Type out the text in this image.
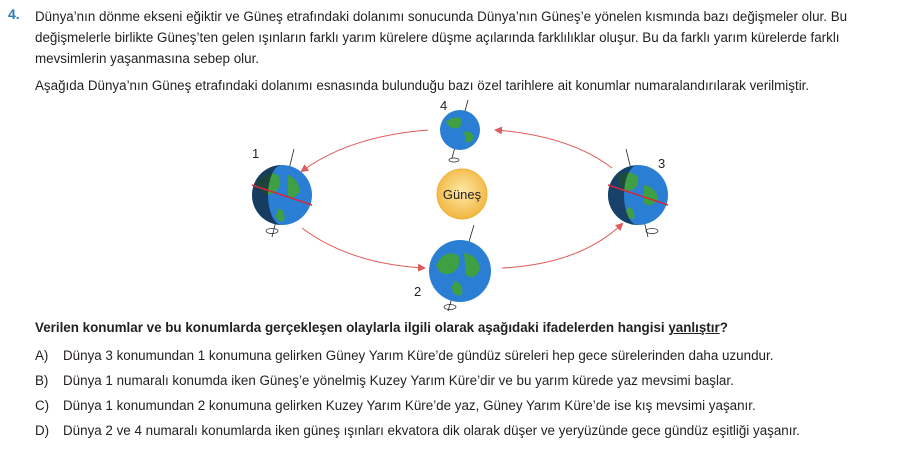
4. Dünya’nın dönme ekseni eğiktir ve Güneş etrafındaki dolanımı sonucunda Dünya’nın Güneş’e yönelen kısmında bazı değişmeler olur. Bu değişmelerle birlikte Güneş’ten gelen ışınların farklı yarım kürelere düşme açılarında farklılıklar oluşur. Bu da farklı yarım kürelerde farklı mevsimlerin yaşanmasına sebep olur.
Aşağıda Dünya’nın Güneş etrafındaki dolanımı esnasında bulunduğu bazı özel tarihlere ait konumlar numaralandırılarak verilmiştir.
Güneş
4
1
3
2
Verilen konumlar ve bu konumlarda gerçekleşen olaylarla ilgili olarak aşağıdaki ifadelerden hangisi yanlıştır?
A) Dünya 3 konumundan 1 konumuna gelirken Güney Yarım Küre’de gündüz süreleri hep gece sürelerinden daha uzundur.
B) Dünya 1 numaralı konumda iken Güneş’e yönelmiş Kuzey Yarım Küre’dir ve bu yarım kürede yaz mevsimi başlar.
C) Dünya 1 konumundan 2 konumuna gelirken Kuzey Yarım Küre’de yaz, Güney Yarım Küre’de ise kış mevsimi yaşanır.
D) Dünya 2 ve 4 numaralı konumlarda iken güneş ışınları ekvatora dik olarak düşer ve yeryüzünde gece gündüz eşitliği yaşanır.
